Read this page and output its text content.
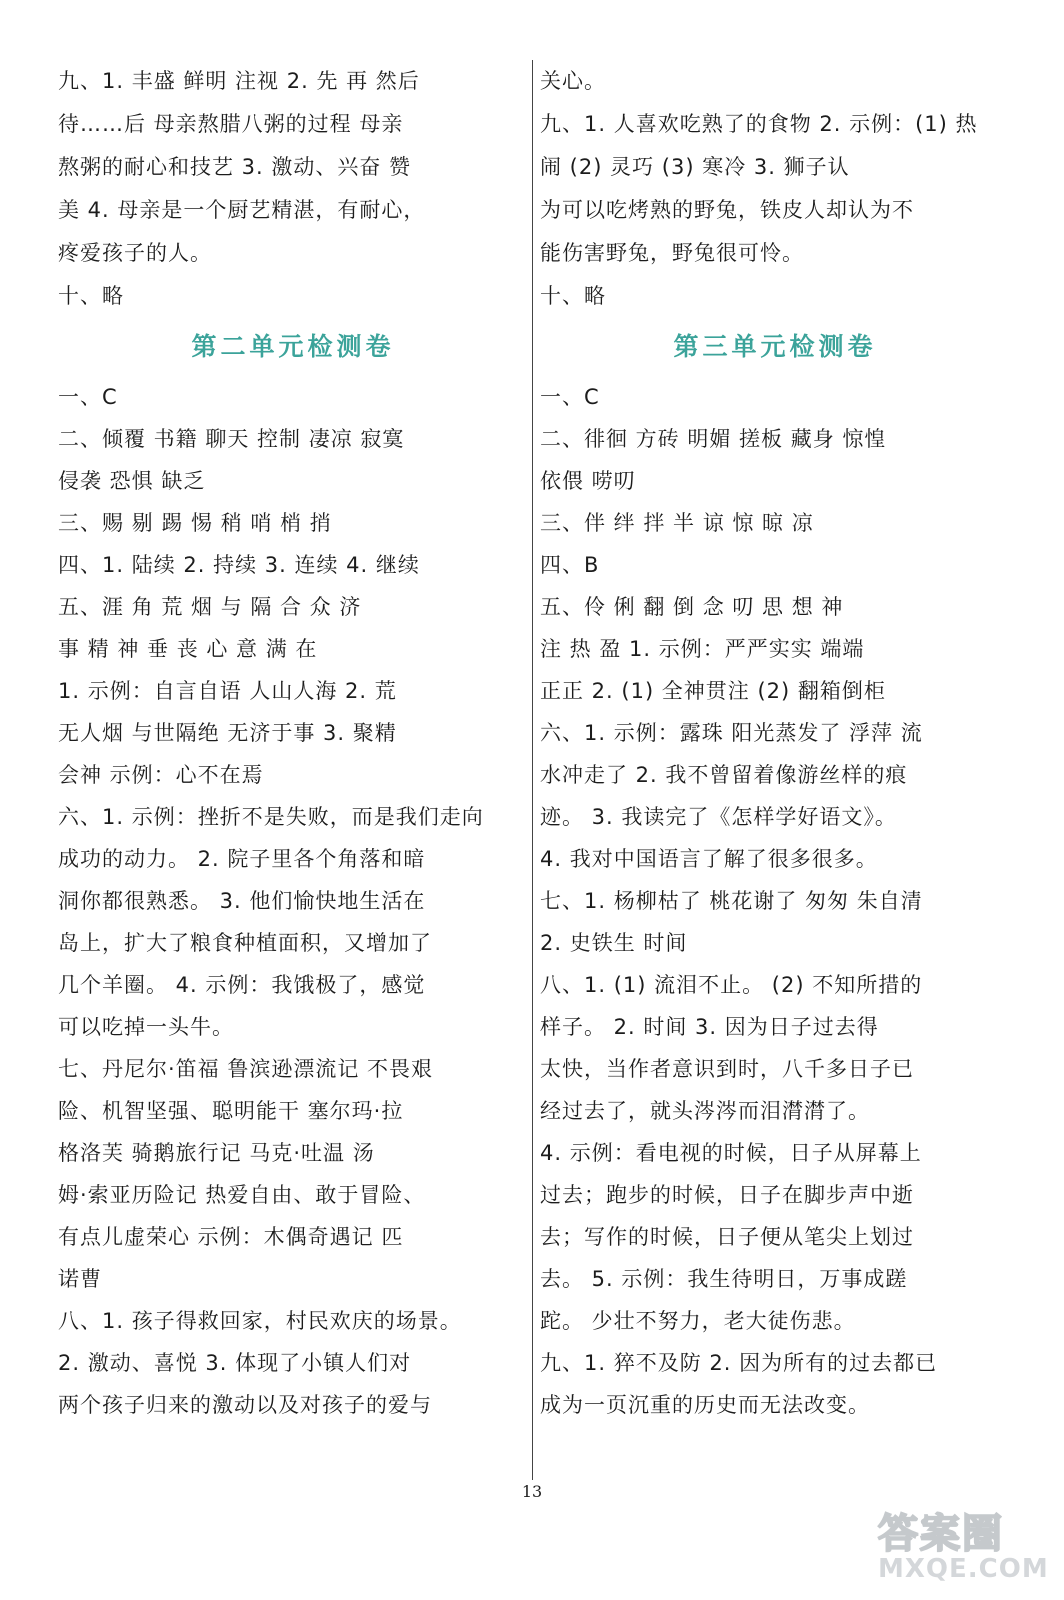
九、1. 丰盛 鲜明 注视 2. 先 再 然后
待……后 母亲熬腊八粥的过程 母亲
熬粥的耐心和技艺 3. 激动、兴奋 赞
美 4. 母亲是一个厨艺精湛，有耐心，
疼爱孩子的人。
十、略
第二单元检测卷
一、C
二、倾覆 书籍 聊天 控制 凄凉 寂寞
侵袭 恐惧 缺乏
三、赐 剔 踢 惕 稍 哨 梢 捎
四、1. 陆续 2. 持续 3. 连续 4. 继续
五、涯 角 荒 烟 与 隔 合 众 济
事 精 神 垂 丧 心 意 满 在
1. 示例：自言自语 人山人海 2. 荒
无人烟 与世隔绝 无济于事 3. 聚精
会神 示例：心不在焉
六、1. 示例：挫折不是失败，而是我们走向
成功的动力。 2. 院子里各个角落和暗
洞你都很熟悉。 3. 他们愉快地生活在
岛上，扩大了粮食种植面积，又增加了
几个羊圈。 4. 示例：我饿极了，感觉
可以吃掉一头牛。
七、丹尼尔·笛福 鲁滨逊漂流记 不畏艰
险、机智坚强、聪明能干 塞尔玛·拉
格洛芙 骑鹅旅行记 马克·吐温 汤
姆·索亚历险记 热爱自由、敢于冒险、
有点儿虚荣心 示例：木偶奇遇记 匹
诺曹
八、1. 孩子得救回家，村民欢庆的场景。
2. 激动、喜悦 3. 体现了小镇人们对
两个孩子归来的激动以及对孩子的爱与
关心。
九、1. 人喜欢吃熟了的食物 2. 示例：(1) 热
闹 (2) 灵巧 (3) 寒冷 3. 狮子认
为可以吃烤熟的野兔，铁皮人却认为不
能伤害野兔，野兔很可怜。
十、略
第三单元检测卷
一、C
二、徘徊 方砖 明媚 搓板 藏身 惊惶
依偎 唠叨
三、伴 绊 拌 半 谅 惊 晾 凉
四、B
五、伶 俐 翻 倒 念 叨 思 想 神
注 热 盈 1. 示例：严严实实 端端
正正 2. (1) 全神贯注 (2) 翻箱倒柜
六、1. 示例：露珠 阳光蒸发了 浮萍 流
水冲走了 2. 我不曾留着像游丝样的痕
迹。 3. 我读完了《怎样学好语文》。
4. 我对中国语言了解了很多很多。
七、1. 杨柳枯了 桃花谢了 匆匆 朱自清
2. 史铁生 时间
八、1. (1) 流泪不止。 (2) 不知所措的
样子。 2. 时间 3. 因为日子过去得
太快，当作者意识到时，八千多日子已
经过去了，就头涔涔而泪潸潸了。
4. 示例：看电视的时候，日子从屏幕上
过去；跑步的时候，日子在脚步声中逝
去；写作的时候，日子便从笔尖上划过
去。 5. 示例：我生待明日，万事成蹉
跎。 少壮不努力，老大徒伤悲。
九、1. 猝不及防 2. 因为所有的过去都已
成为一页沉重的历史而无法改变。
13
答案圈
MXQE.COM
